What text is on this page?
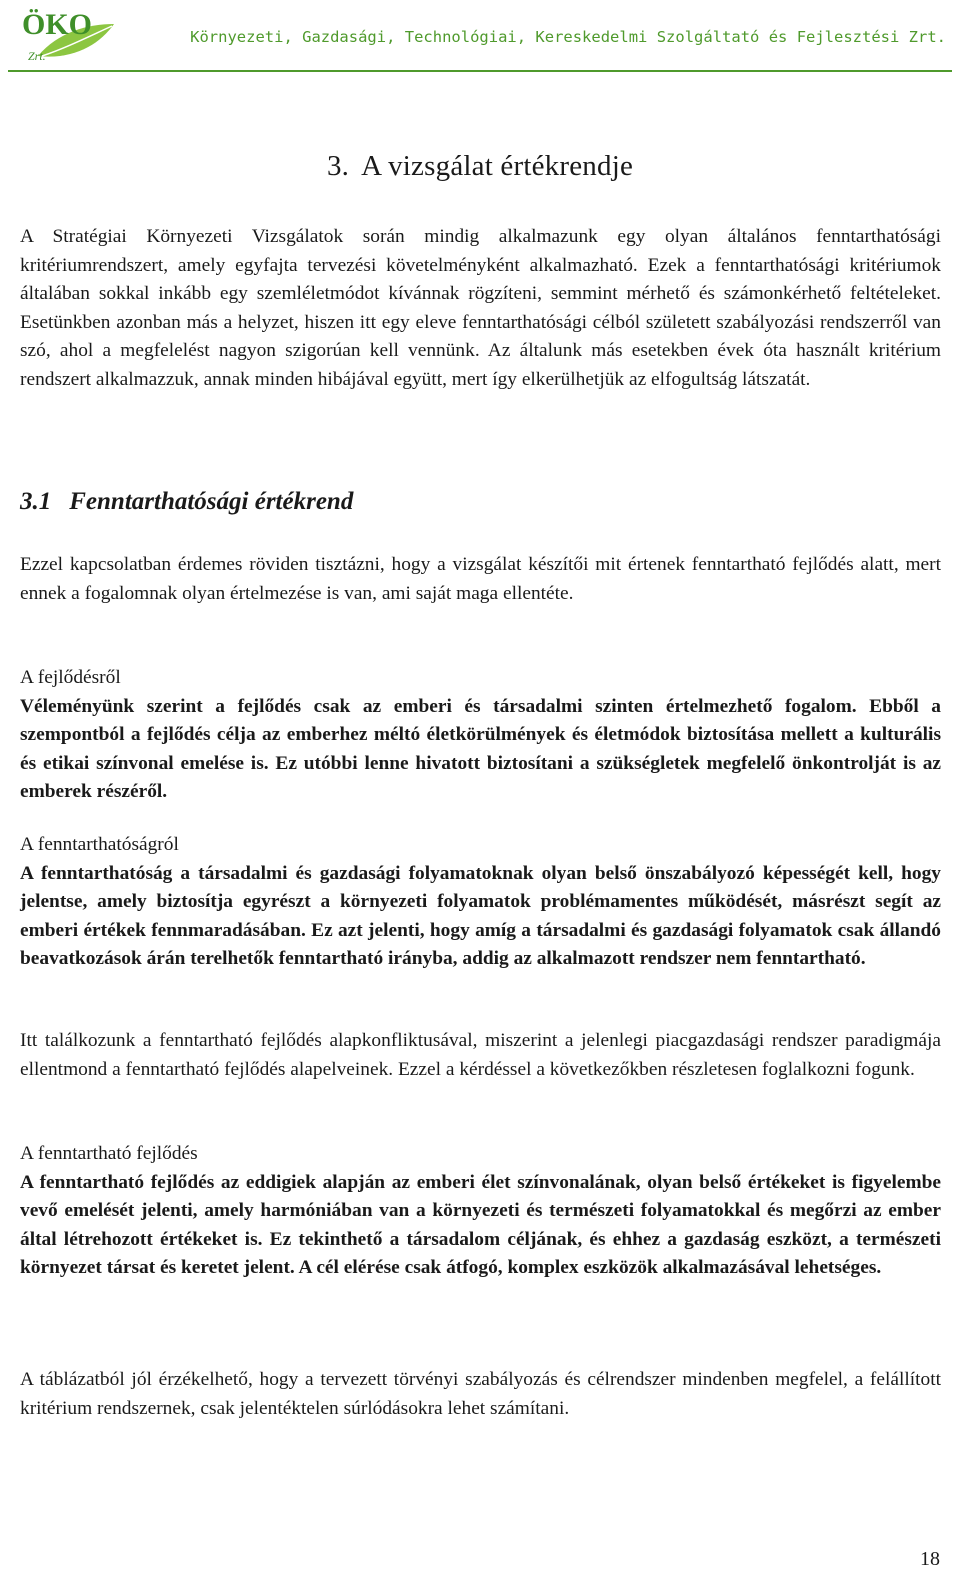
ÖKO
Zrt.
Környezeti, Gazdasági, Technológiai, Kereskedelmi Szolgáltató és Fejlesztési Zrt.
3. A vizsgálat értékrendje

A Stratégiai Környezeti Vizsgálatok során mindig alkalmazunk egy olyan általános fenntarthatósági kritériumrendszert, amely egyfajta tervezési követelményként alkalmazható. Ezek a fenntarthatósági kritériumok általában sokkal inkább egy szemléletmódot kívánnak rögzíteni, semmint mérhető és számonkérhető feltételeket. Esetünkben azonban más a helyzet, hiszen itt egy eleve fenntarthatósági célból született szabályozási rendszerről van szó, ahol a megfelelést nagyon szigorúan kell vennünk. Az általunk más esetekben évek óta használt kritérium rendszert alkalmazzuk, annak minden hibájával együtt, mert így elkerülhetjük az elfogultság látszatát.

3.1 Fenntarthatósági értékrend

Ezzel kapcsolatban érdemes röviden tisztázni, hogy a vizsgálat készítői mit értenek fenntartható fejlődés alatt, mert ennek a fogalomnak olyan értelmezése is van, ami saját maga ellentéte.

A fejlődésről
Véleményünk szerint a fejlődés csak az emberi és társadalmi szinten értelmezhető fogalom. Ebből a szempontból a fejlődés célja az emberhez méltó életkörülmények és életmódok biztosítása mellett a kulturális és etikai színvonal emelése is. Ez utóbbi lenne hivatott biztosítani a szükségletek megfelelő önkontrolját is az emberek részéről.
A fenntarthatóságról
A fenntarthatóság a társadalmi és gazdasági folyamatoknak olyan belső önszabályozó képességét kell, hogy jelentse, amely biztosítja egyrészt a környezeti folyamatok problémamentes működését, másrészt segít az emberi értékek fennmaradásában. Ez azt jelenti, hogy amíg a társadalmi és gazdasági folyamatok csak állandó beavatkozások árán terelhetők fenntartható irányba, addig az alkalmazott rendszer nem fenntartható.

Itt találkozunk a fenntartható fejlődés alapkonfliktusával, miszerint a jelenlegi piacgazdasági rendszer paradigmája ellentmond a fenntartható fejlődés alapelveinek. Ezzel a kérdéssel a következőkben részletesen foglalkozni fogunk.

A fenntartható fejlődés
A fenntartható fejlődés az eddigiek alapján az emberi élet színvonalának, olyan belső értékeket is figyelembe vevő emelését jelenti, amely harmóniában van a környezeti és természeti folyamatokkal és megőrzi az ember által létrehozott értékeket is. Ez tekinthető a társadalom céljának, és ehhez a gazdaság eszközt, a természeti környezet társat és keretet jelent. A cél elérése csak átfogó, komplex eszközök alkalmazásával lehetséges.

A táblázatból jól érzékelhető, hogy a tervezett törvényi szabályozás és célrendszer mindenben megfelel, a felállított kritérium rendszernek, csak jelentéktelen súrlódásokra lehet számítani.

18
